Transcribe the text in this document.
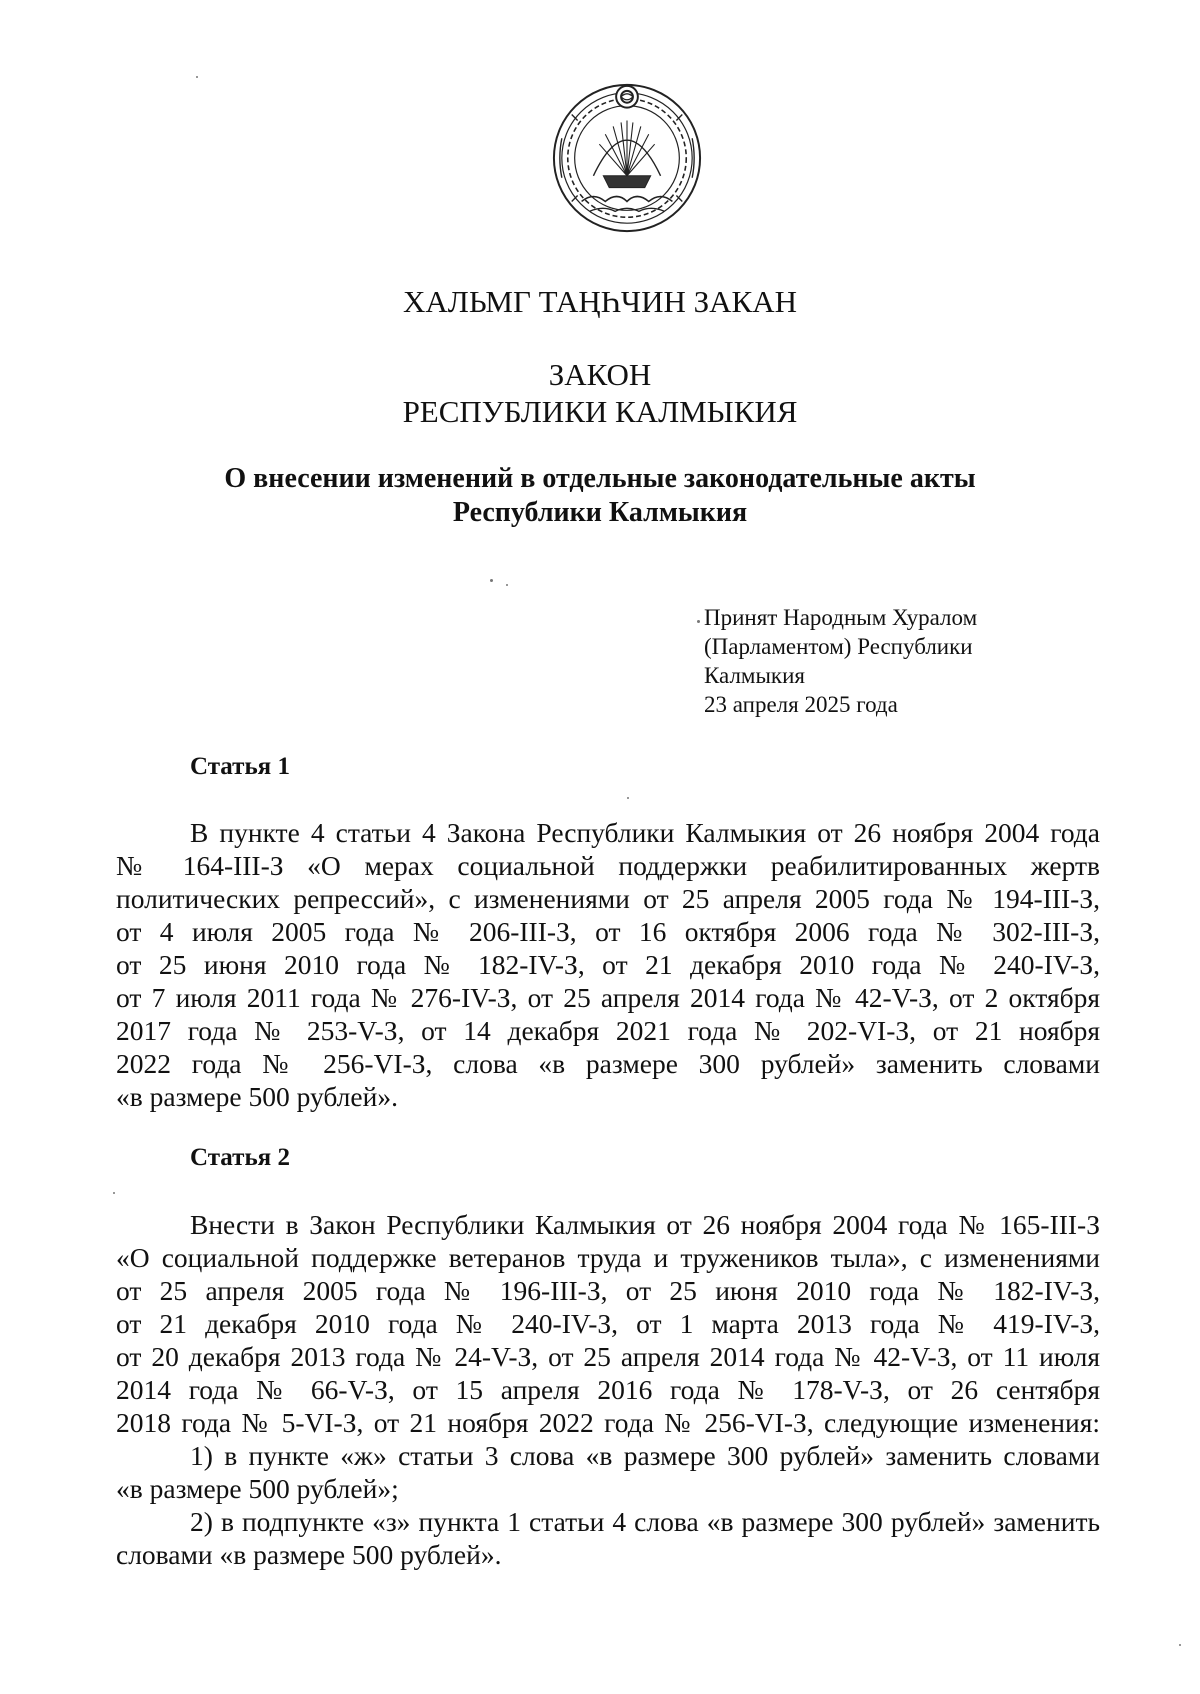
ХАЛЬМГ ТАҢҺЧИН ЗАКАН
ЗАКОН
РЕСПУБЛИКИ КАЛМЫКИЯ
О внесении изменений в отдельные законодательные акты
Республики Калмыкия
Принят Народным Хуралом
(Парламентом) Республики
Калмыкия
23 апреля 2025 года
Статья 1
В пункте 4 статьи 4 Закона Республики Калмыкия от 26 ноября 2004 года
№ 164-III-З «О мерах социальной поддержки реабилитированных жертв
политических репрессий», с изменениями от 25 апреля 2005 года № 194-III-З,
от 4 июля 2005 года № 206-III-З, от 16 октября 2006 года № 302-III-З,
от 25 июня 2010 года № 182-IV-З, от 21 декабря 2010 года № 240-IV-З,
от 7 июля 2011 года № 276-IV-З, от 25 апреля 2014 года № 42-V-З, от 2 октября
2017 года № 253-V-З, от 14 декабря 2021 года № 202-VI-З, от 21 ноября
2022 года № 256-VI-З, слова «в размере 300 рублей» заменить словами
«в размере 500 рублей».
Статья 2
Внести в Закон Республики Калмыкия от 26 ноября 2004 года № 165-III-З
«О социальной поддержке ветеранов труда и тружеников тыла», с изменениями
от 25 апреля 2005 года № 196-III-З, от 25 июня 2010 года № 182-IV-З,
от 21 декабря 2010 года № 240-IV-З, от 1 марта 2013 года № 419-IV-З,
от 20 декабря 2013 года № 24-V-З, от 25 апреля 2014 года № 42-V-З, от 11 июля
2014 года № 66-V-З, от 15 апреля 2016 года № 178-V-З, от 26 сентября
2018 года № 5-VI-З, от 21 ноября 2022 года № 256-VI-З, следующие изменения:
1) в пункте «ж» статьи 3 слова «в размере 300 рублей» заменить словами
«в размере 500 рублей»;
2) в подпункте «з» пункта 1 статьи 4 слова «в размере 300 рублей» заменить
словами «в размере 500 рублей».
